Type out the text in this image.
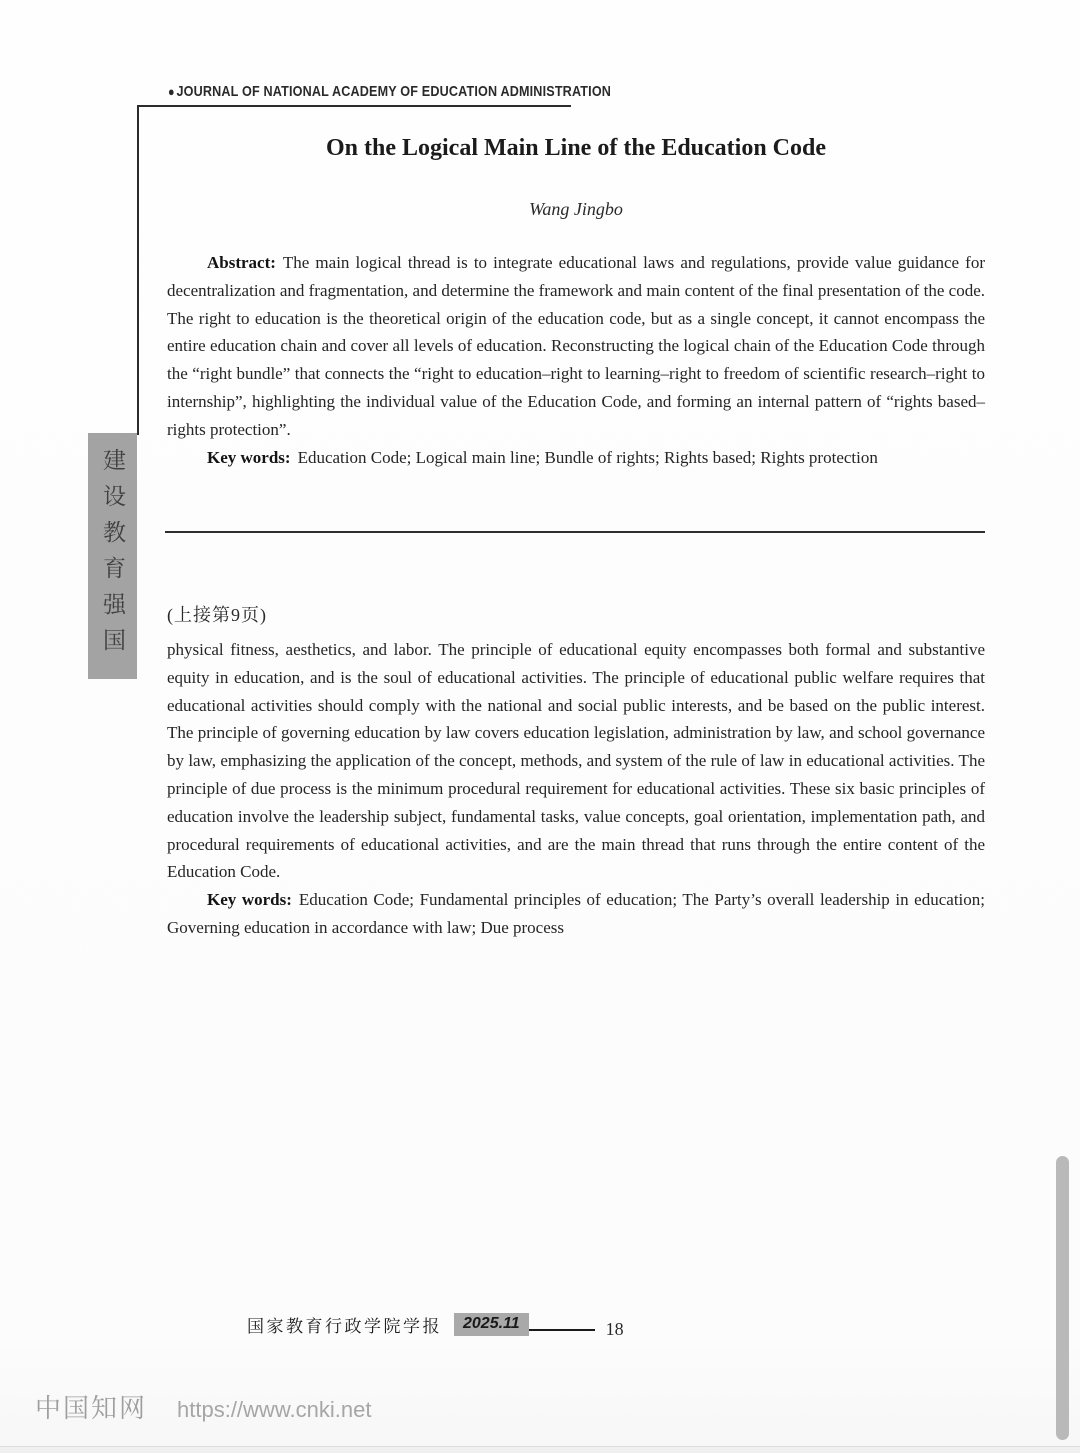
● JOURNAL OF NATIONAL ACADEMY OF EDUCATION ADMINISTRATION
建设教育强国
On the Logical Main Line of the Education Code
Wang Jingbo

Abstract: The main logical thread is to integrate educational laws and regulations, provide value guidance for decentralization and fragmentation, and determine the framework and main content of the final presentation of the code. The right to education is the theoretical origin of the education code, but as a single concept, it cannot encompass the entire education chain and cover all levels of education. Reconstructing the logical chain of the Education Code through the “right bundle” that connects the “right to education–right to learning–right to freedom of scientific research–right to internship”, highlighting the individual value of the Education Code, and forming an internal pattern of “rights based–rights protection”.

Key words: Education Code; Logical main line; Bundle of rights; Rights based; Rights protection

(上接第9页)

physical fitness, aesthetics, and labor. The principle of educational equity encompasses both formal and substantive equity in education, and is the soul of educational activities. The principle of educational public welfare requires that educational activities should comply with the national and social public interests, and be based on the public interest. The principle of governing education by law covers education legislation, administration by law, and school governance by law, emphasizing the application of the concept, methods, and system of the rule of law in educational activities. The principle of due process is the minimum procedural requirement for educational activities. These six basic principles of education involve the leadership subject, fundamental tasks, value concepts, goal orientation, implementation path, and procedural requirements of educational activities, and are the main thread that runs through the entire content of the Education Code.

Key words: Education Code; Fundamental principles of education; The Party’s overall leadership in education; Governing education in accordance with law; Due process

国家教育行政学院学报	2025.11	18
中国知网 https://www.cnki.net
